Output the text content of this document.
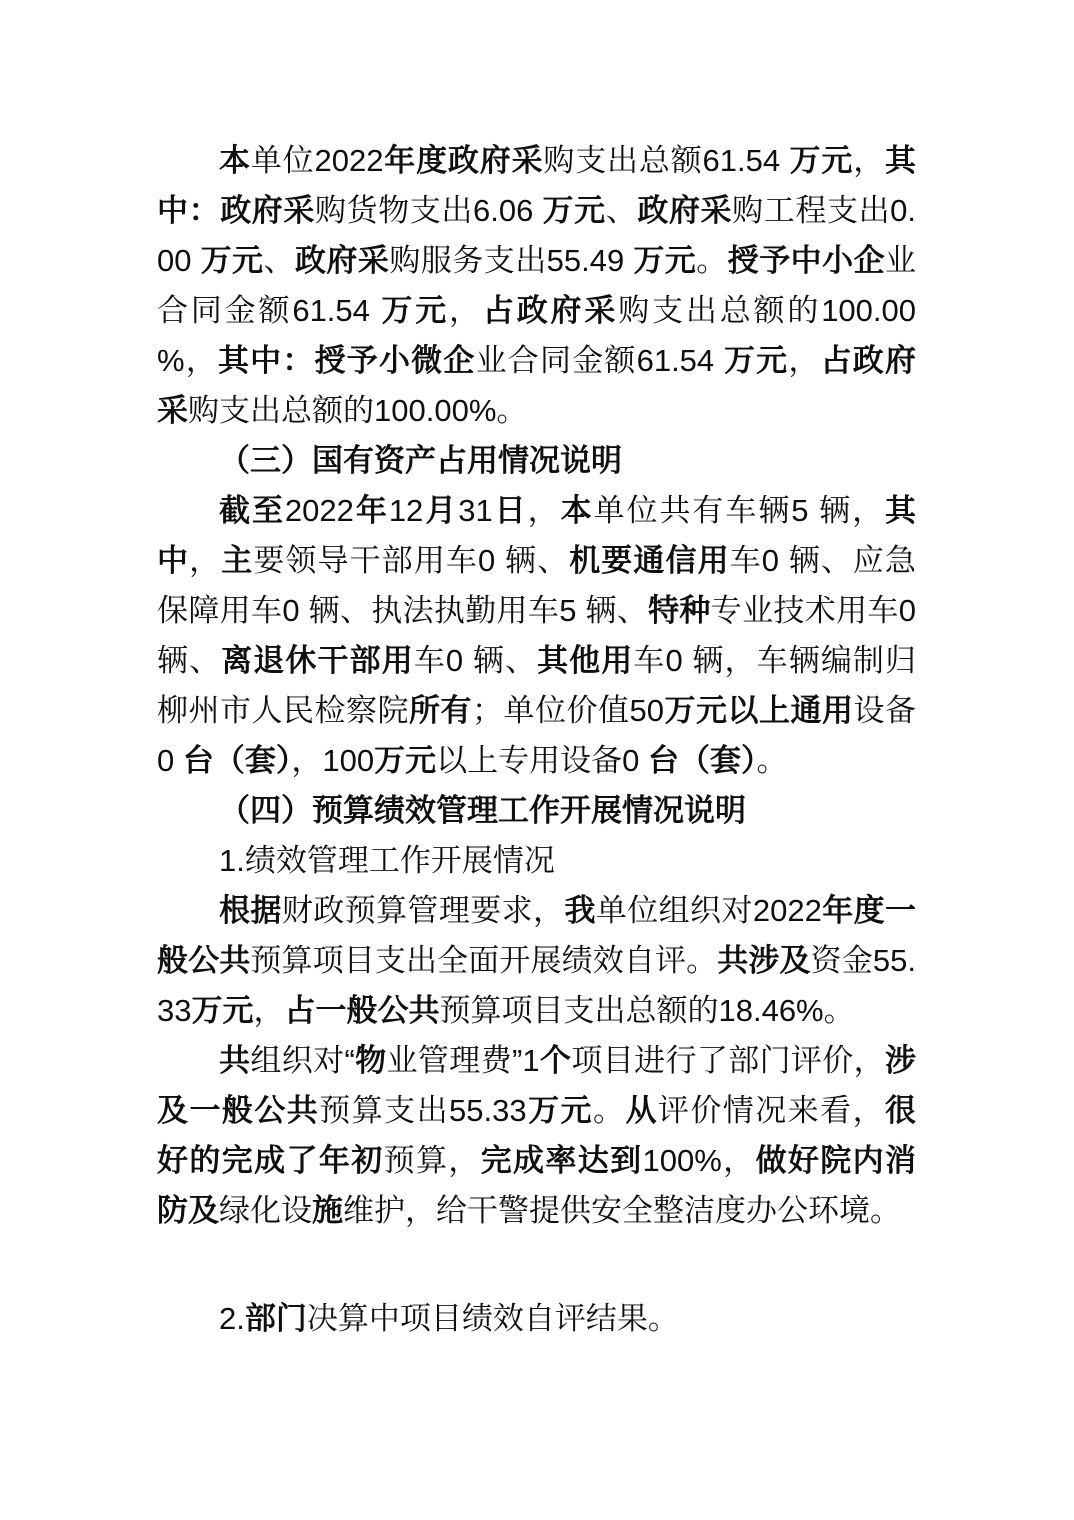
本单位2022年度政府采购支出总额61.54 万元，其中：政府采购货物支出6.06 万元、政府采购工程支出0.00 万元、政府采购服务支出55.49 万元。授予中小企业合同金额61.54 万元，占政府采购支出总额的100.00 %，其中：授予小微企业合同金额61.54 万元，占政府采购支出总额的100.00%。

（三）国有资产占用情况说明

截至2022年12月31日，本单位共有车辆5 辆，其中，主要领导干部用车0 辆、机要通信用车0 辆、应急保障用车0 辆、执法执勤用车5 辆、特种专业技术用车0 辆、离退休干部用车0 辆、其他用车0 辆，车辆编制归柳州市人民检察院所有；单位价值50万元以上通用设备0 台（套），100万元以上专用设备0 台（套）。

（四）预算绩效管理工作开展情况说明

1.绩效管理工作开展情况

根据财政预算管理要求，我单位组织对2022年度一般公共预算项目支出全面开展绩效自评。共涉及资金55.33万元，占一般公共预算项目支出总额的18.46%。

共组织对“物业管理费”1个项目进行了部门评价，涉及一般公共预算支出55.33万元。从评价情况来看，很好的完成了年初预算，完成率达到100%，做好院内消防及绿化设施维护，给干警提供安全整洁度办公环境。

2.部门决算中项目绩效自评结果。
